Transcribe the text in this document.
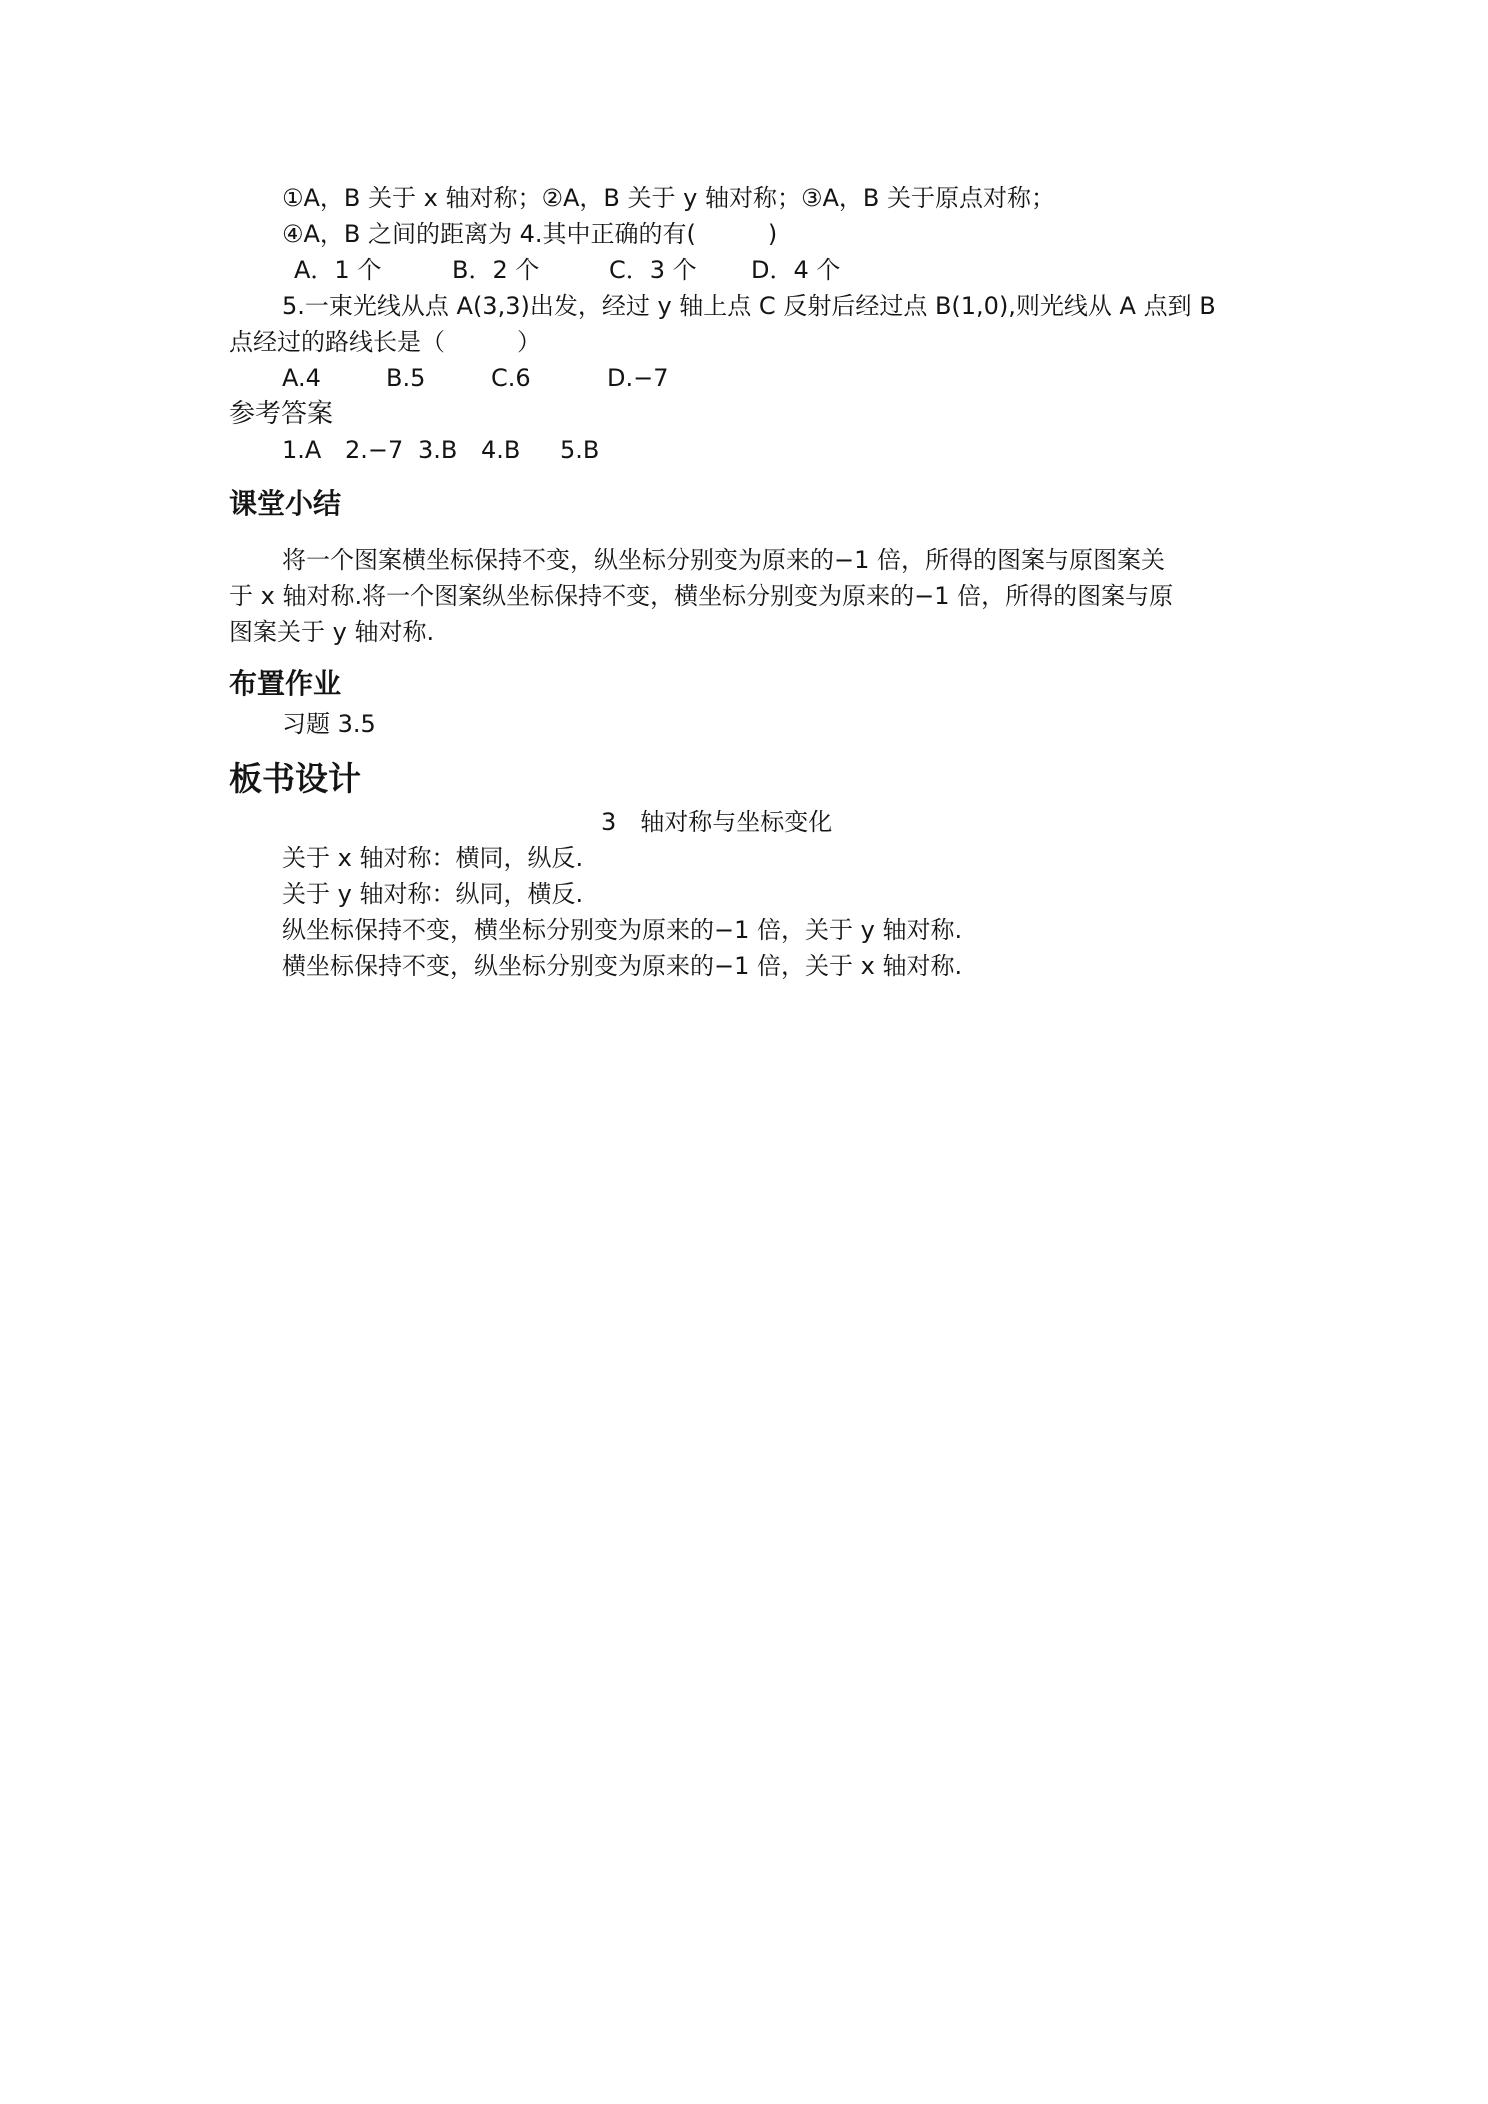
①A，B 关于 x 轴对称；②A，B 关于 y 轴对称；③A，B 关于原点对称；
④A，B 之间的距离为 4.其中正确的有(　　　)
A．1 个	B．2 个	C．3 个 D．4 个
5.一束光线从点 A(3,3)出发，经过 y 轴上点 C 反射后经过点 B(1,0),则光线从 A 点到 B
点经过的路线长是（　　　）
A.4	B.5	C.6	D.−7
参考答案
1.A 2.−7 3.B 4.B 5.B
课堂小结
将一个图案横坐标保持不变，纵坐标分别变为原来的−1 倍，所得的图案与原图案关
于 x 轴对称.将一个图案纵坐标保持不变，横坐标分别变为原来的−1 倍，所得的图案与原
图案关于 y 轴对称.
布置作业
习题 3.5
板书设计
3　轴对称与坐标变化
关于 x 轴对称：横同，纵反.
关于 y 轴对称：纵同，横反.
纵坐标保持不变，横坐标分别变为原来的−1 倍，关于 y 轴对称.
横坐标保持不变，纵坐标分别变为原来的−1 倍，关于 x 轴对称.
